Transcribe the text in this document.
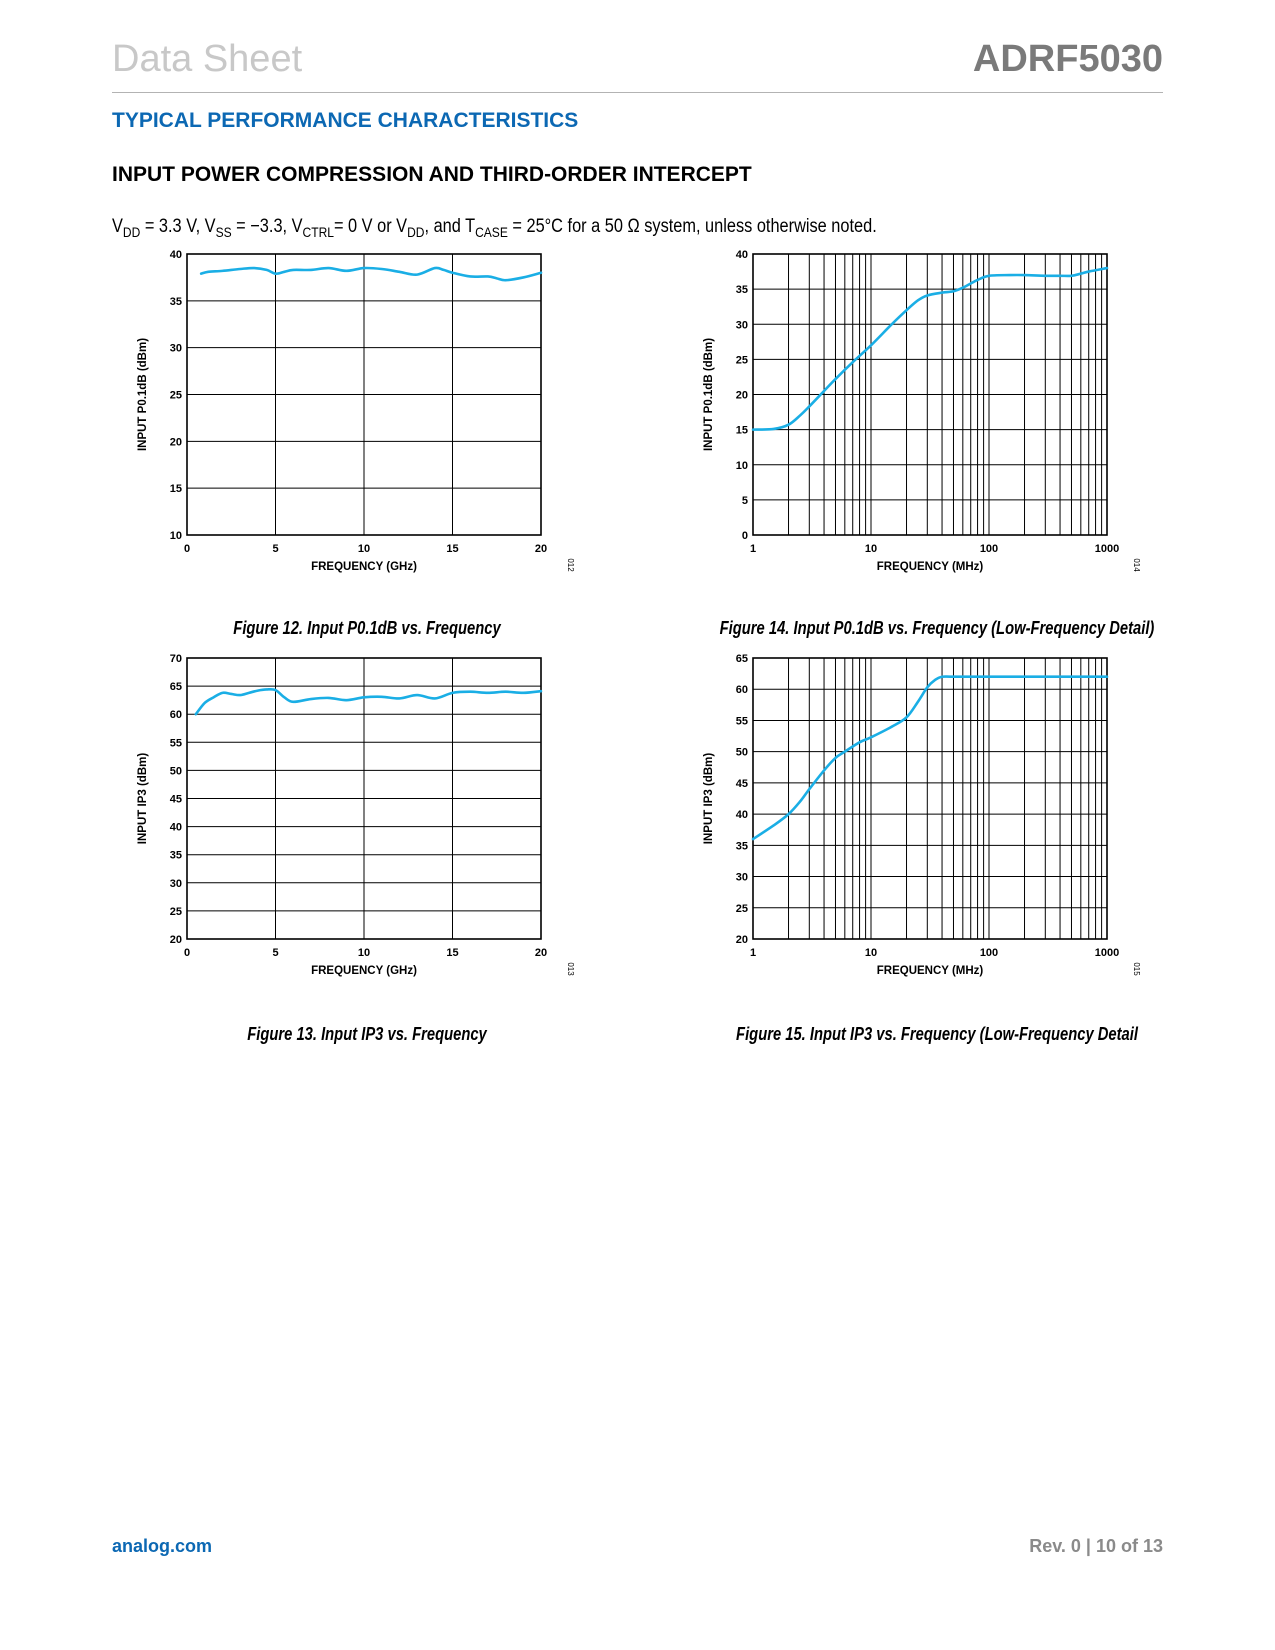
Data Sheet	ADRF5030
TYPICAL PERFORMANCE CHARACTERISTICS
INPUT POWER COMPRESSION AND THIRD-ORDER INTERCEPT
$V_{DD} = 3.3$ V, $V_{SS} = -3.3$, $V_{CTRL}= 0$ V or $V_{DD}$, and $T_{CASE} = 25^\circ C$ for a 50 Ω system, unless otherwise noted.
0	5	10	15	20
10
15
20
25
30
35
40
FREQUENCY (GHz)
INPUT P0.1dB (dBm)
012
Figure 12. Input P0.1dB vs. Frequency
0	5	10	15	20
20
25
30
35
40
45
50
55
60
65
70
FREQUENCY (GHz)
INPUT IP3 (dBm)
013
Figure 13. Input IP3 vs. Frequency
1	10	100	1000
0
5
10
15
20
25
30
35
40
FREQUENCY (MHz)
INPUT P0.1dB (dBm)
014
Figure 14. Input P0.1dB vs. Frequency (Low-Frequency Detail)
1	10	100	1000
20
25
30
35
40
45
50
55
60
65
FREQUENCY (MHz)
INPUT IP3 (dBm)
015
Figure 15. Input IP3 vs. Frequency (Low-Frequency Detail
analog.com	Rev. 0 | 10 of 13
